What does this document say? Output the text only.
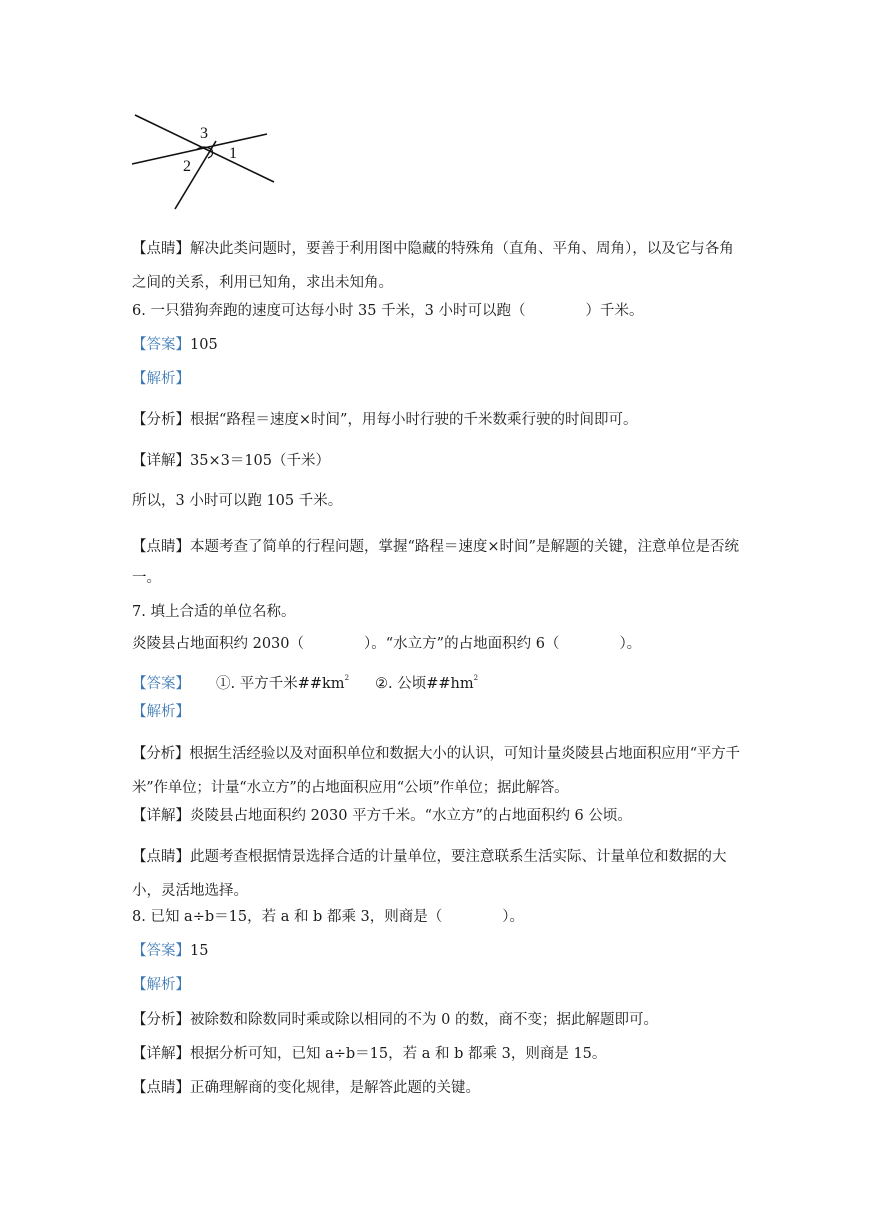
3
1
2
【点睛】解决此类问题时，要善于利用图中隐藏的特殊角（直角、平角、周角），以及它与各角之间的关系，利用已知角，求出未知角。
6. 一只猎狗奔跑的速度可达每小时 35 千米，3 小时可以跑（	）千米。
【答案】105
【解析】
【分析】根据“路程＝速度×时间”，用每小时行驶的千米数乘行驶的时间即可。
【详解】35×3＝105（千米）
所以，3 小时可以跑 105 千米。
【点睛】本题考查了简单的行程问题，掌握“路程＝速度×时间”是解题的关键，注意单位是否统一。
7. 填上合适的单位名称。
炎陵县占地面积约 2030（	）。“水立方”的占地面积约 6（	）。
【答案】 ①. 平方千米$\#\#km^2$ ②. 公顷$\#\#hm^2$
【解析】
【分析】根据生活经验以及对面积单位和数据大小的认识，可知计量炎陵县占地面积应用“平方千米”作单位；计量“水立方”的占地面积应用“公顷”作单位；据此解答。
【详解】炎陵县占地面积约 2030 平方千米。“水立方”的占地面积约 6 公顷。
【点睛】此题考查根据情景选择合适的计量单位，要注意联系生活实际、计量单位和数据的大小，灵活地选择。
8. 已知 a÷b＝15，若 a 和 b 都乘 3，则商是（	）。
【答案】15
【解析】
【分析】被除数和除数同时乘或除以相同的不为 0 的数，商不变；据此解题即可。
【详解】根据分析可知，已知 a÷b＝15，若 a 和 b 都乘 3，则商是 15。
【点睛】正确理解商的变化规律，是解答此题的关键。
